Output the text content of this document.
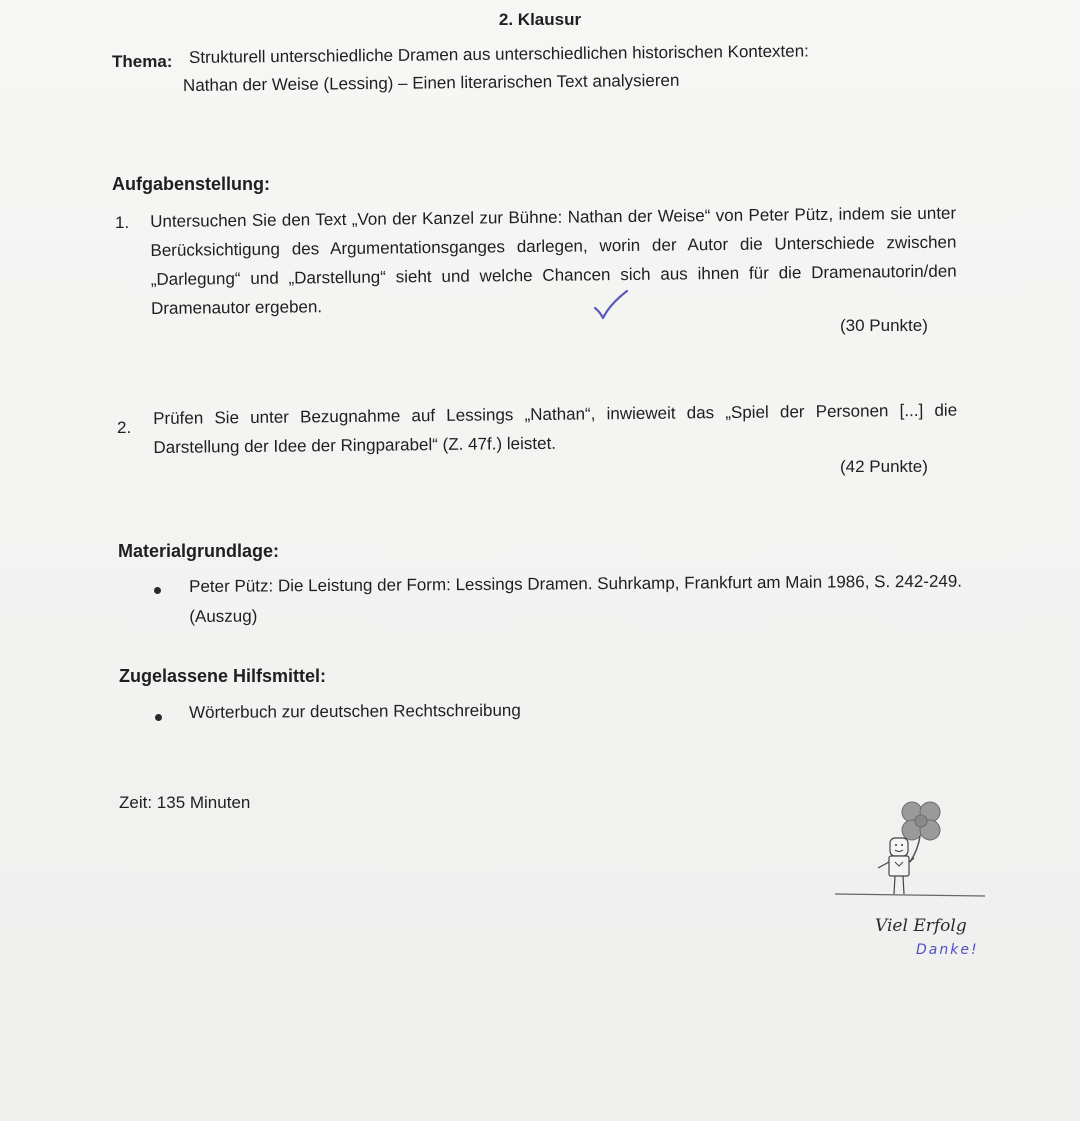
2. Klausur
Thema: Strukturell unterschiedliche Dramen aus unterschiedlichen historischen Kontexten:
Nathan der Weise (Lessing) – Einen literarischen Text analysieren
Aufgabenstellung:
1. Untersuchen Sie den Text „Von der Kanzel zur Bühne: Nathan der Weise“ von Peter Pütz, indem sie unter Berücksichtigung des Argumentationsganges darlegen, worin der Autor die Unterschiede zwischen „Darlegung“ und „Darstellung“ sieht und welche Chancen sich aus ihnen für die Dramenautorin/den Dramenautor ergeben.
(30 Punkte)
2. Prüfen Sie unter Bezugnahme auf Lessings „Nathan“, inwieweit das „Spiel der Personen [...] die Darstellung der Idee der Ringparabel“ (Z. 47f.) leistet.
(42 Punkte)
Materialgrundlage:
Peter Pütz: Die Leistung der Form: Lessings Dramen. Suhrkamp, Frankfurt am Main 1986, S. 242-249. (Auszug)
Zugelassene Hilfsmittel:
Wörterbuch zur deutschen Rechtschreibung
Zeit: 135 Minuten
Viel Erfolg
Danke!
